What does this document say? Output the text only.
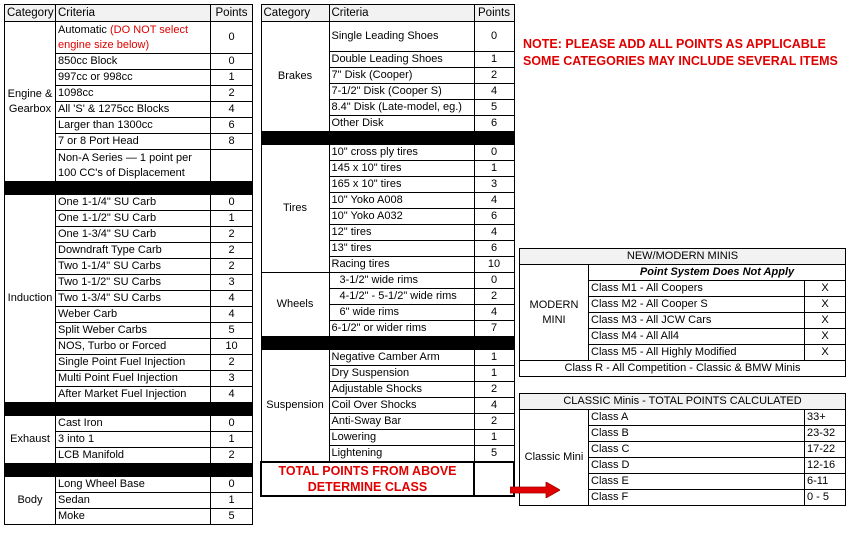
Category	Criteria	Points
Engine & Gearbox	Automatic (DO NOT select engine size below)	0
	850cc Block	0
	997cc or 998cc	1
	1098cc	2
	All 'S' & 1275cc Blocks	4
	Larger than 1300cc	6
	7 or 8 Port Head	8
	Non-A Series — 1 point per 100 CC's of Displacement	

Induction	One 1-1/4" SU Carb	0
	One 1-1/2" SU Carb	1
	One 1-3/4" SU Carb	2
	Downdraft Type Carb	2
	Two 1-1/4" SU Carbs	2
	Two 1-1/2" SU Carbs	3
	Two 1-3/4" SU Carbs	4
	Weber Carb	4
	Split Weber Carbs	5
	NOS, Turbo or Forced	10
	Single Point Fuel Injection	2
	Multi Point Fuel Injection	3
	After Market Fuel Injection	4

Exhaust	Cast Iron	0
	3 into 1	1
	LCB Manifold	2

Body	Long Wheel Base	0
	Sedan	1
	Moke	5
Category	Criteria	Points
Brakes	Single Leading Shoes	0
	Double Leading Shoes	1
	7" Disk (Cooper)	2
	7-1/2" Disk (Cooper S)	4
	8.4" Disk (Late-model, eg.)	5
	Other Disk	6

Tires	10" cross ply tires	0
	145 x 10" tires	1
	165 x 10" tires	3
	10" Yoko A008	4
	10" Yoko A032	6
	12" tires	4
	13" tires	6
	Racing tires	10
Wheels	3-1/2" wide rims	0
	4-1/2" - 5-1/2" wide rims	2
	6" wide rims	4
	6-1/2" or wider rims	7

Suspension	Negative Camber Arm	1
	Dry Suspension	1
	Adjustable Shocks	2
	Coil Over Shocks	4
	Anti-Sway Bar	2
	Lowering	1
	Lightening	5
TOTAL POINTS FROM ABOVE DETERMINE CLASS		
NOTE: PLEASE ADD ALL POINTS AS APPLICABLE
SOME CATEGORIES MAY INCLUDE SEVERAL ITEMS
NEW/MODERN MINIS		
MODERN MINI	Point System Does Not Apply	
	Class M1 - All Coopers	X
	Class M2 - All Cooper S	X
	Class M3 - All JCW Cars	X
	Class M4 - All All4	X
	Class M5 - All Highly Modified	X
Class R - All Competition - Classic & BMW Minis		
CLASSIC Minis - TOTAL POINTS CALCULATED		
Classic Mini	Class A	33+
	Class B	23-32
	Class C	17-22
	Class D	12-16
	Class E	6-11
	Class F	0 - 5
